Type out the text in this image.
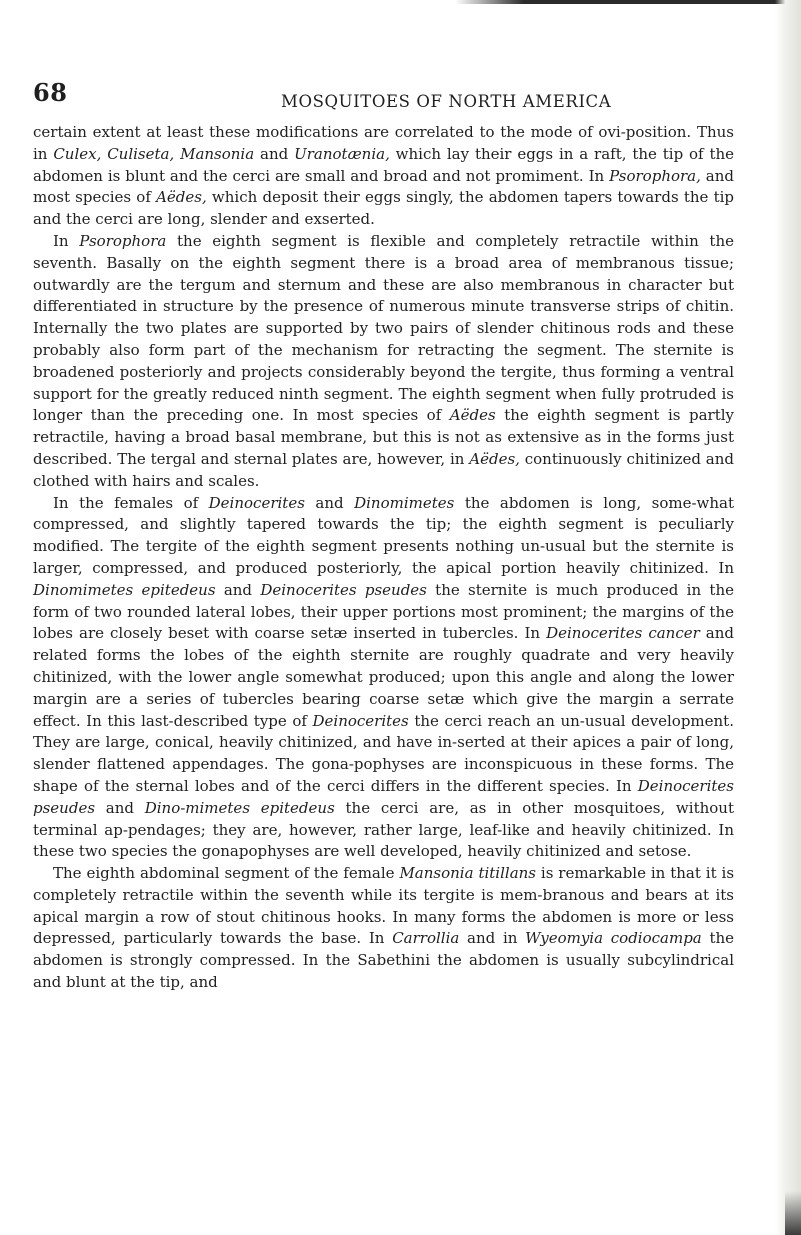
68	MOSQUITOES OF NORTH AMERICA

certain extent at least these modifications are correlated to the mode of ovi-position. Thus in Culex, Culiseta, Mansonia and Uranotænia, which lay their eggs in a raft, the tip of the abdomen is blunt and the cerci are small and broad and not promiment. In Psorophora, and most species of Aëdes, which deposit their eggs singly, the abdomen tapers towards the tip and the cerci are long, slender and exserted.

In Psorophora the eighth segment is flexible and completely retractile within the seventh. Basally on the eighth segment there is a broad area of membranous tissue; outwardly are the tergum and sternum and these are also membranous in character but differentiated in structure by the presence of numerous minute transverse strips of chitin. Internally the two plates are supported by two pairs of slender chitinous rods and these probably also form part of the mechanism for retracting the segment. The sternite is broadened posteriorly and projects considerably beyond the tergite, thus forming a ventral support for the greatly reduced ninth segment. The eighth segment when fully protruded is longer than the preceding one. In most species of Aëdes the eighth segment is partly retractile, having a broad basal membrane, but this is not as extensive as in the forms just described. The tergal and sternal plates are, however, in Aëdes, continuously chitinized and clothed with hairs and scales.

In the females of Deinocerites and Dinomimetes the abdomen is long, some-what compressed, and slightly tapered towards the tip; the eighth segment is peculiarly modified. The tergite of the eighth segment presents nothing un-usual but the sternite is larger, compressed, and produced posteriorly, the apical portion heavily chitinized. In Dinomimetes epitedeus and Deinocerites pseudes the sternite is much produced in the form of two rounded lateral lobes, their upper portions most prominent; the margins of the lobes are closely beset with coarse setæ inserted in tubercles. In Deinocerites cancer and related forms the lobes of the eighth sternite are roughly quadrate and very heavily chitinized, with the lower angle somewhat produced; upon this angle and along the lower margin are a series of tubercles bearing coarse setæ which give the margin a serrate effect. In this last-described type of Deinocerites the cerci reach an un-usual development. They are large, conical, heavily chitinized, and have in-serted at their apices a pair of long, slender flattened appendages. The gona-pophyses are inconspicuous in these forms. The shape of the sternal lobes and of the cerci differs in the different species. In Deinocerites pseudes and Dino-mimetes epitedeus the cerci are, as in other mosquitoes, without terminal ap-pendages; they are, however, rather large, leaf-like and heavily chitinized. In these two species the gonapophyses are well developed, heavily chitinized and setose.

The eighth abdominal segment of the female Mansonia titillans is remarkable in that it is completely retractile within the seventh while its tergite is mem-branous and bears at its apical margin a row of stout chitinous hooks. In many forms the abdomen is more or less depressed, particularly towards the base. In Carrollia and in Wyeomyia codiocampa the abdomen is strongly compressed. In the Sabethini the abdomen is usually subcylindrical and blunt at the tip, and
